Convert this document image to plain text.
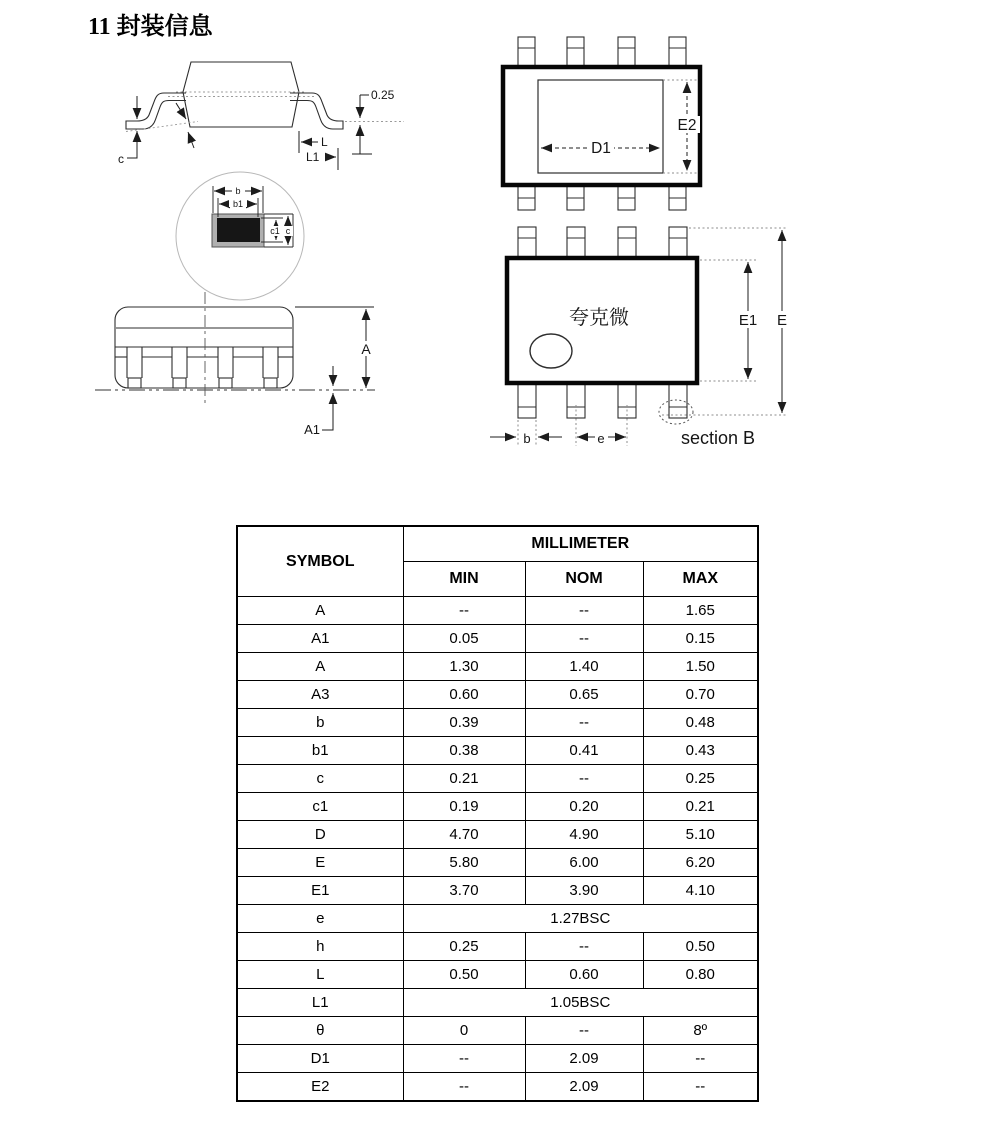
11 封装信息
0.25
L
L1
c
b
b1
c1 c
A
A1
D1
E2
夸克微	E1 E
b	e	section B
SYMBOL	MILLIMETER		
	MIN	NOM	MAX
A	--	--	1.65
A1	0.05	--	0.15
A	1.30	1.40	1.50
A3	0.60	0.65	0.70
b	0.39	--	0.48
b1	0.38	0.41	0.43
c	0.21	--	0.25
c1	0.19	0.20	0.21
D	4.70	4.90	5.10
E	5.80	6.00	6.20
E1	3.70	3.90	4.10
e	1.27BSC		
h	0.25	--	0.50
L	0.50	0.60	0.80
L1	1.05BSC		
θ	0	--	8º
D1	--	2.09	--
E2	--	2.09	--
